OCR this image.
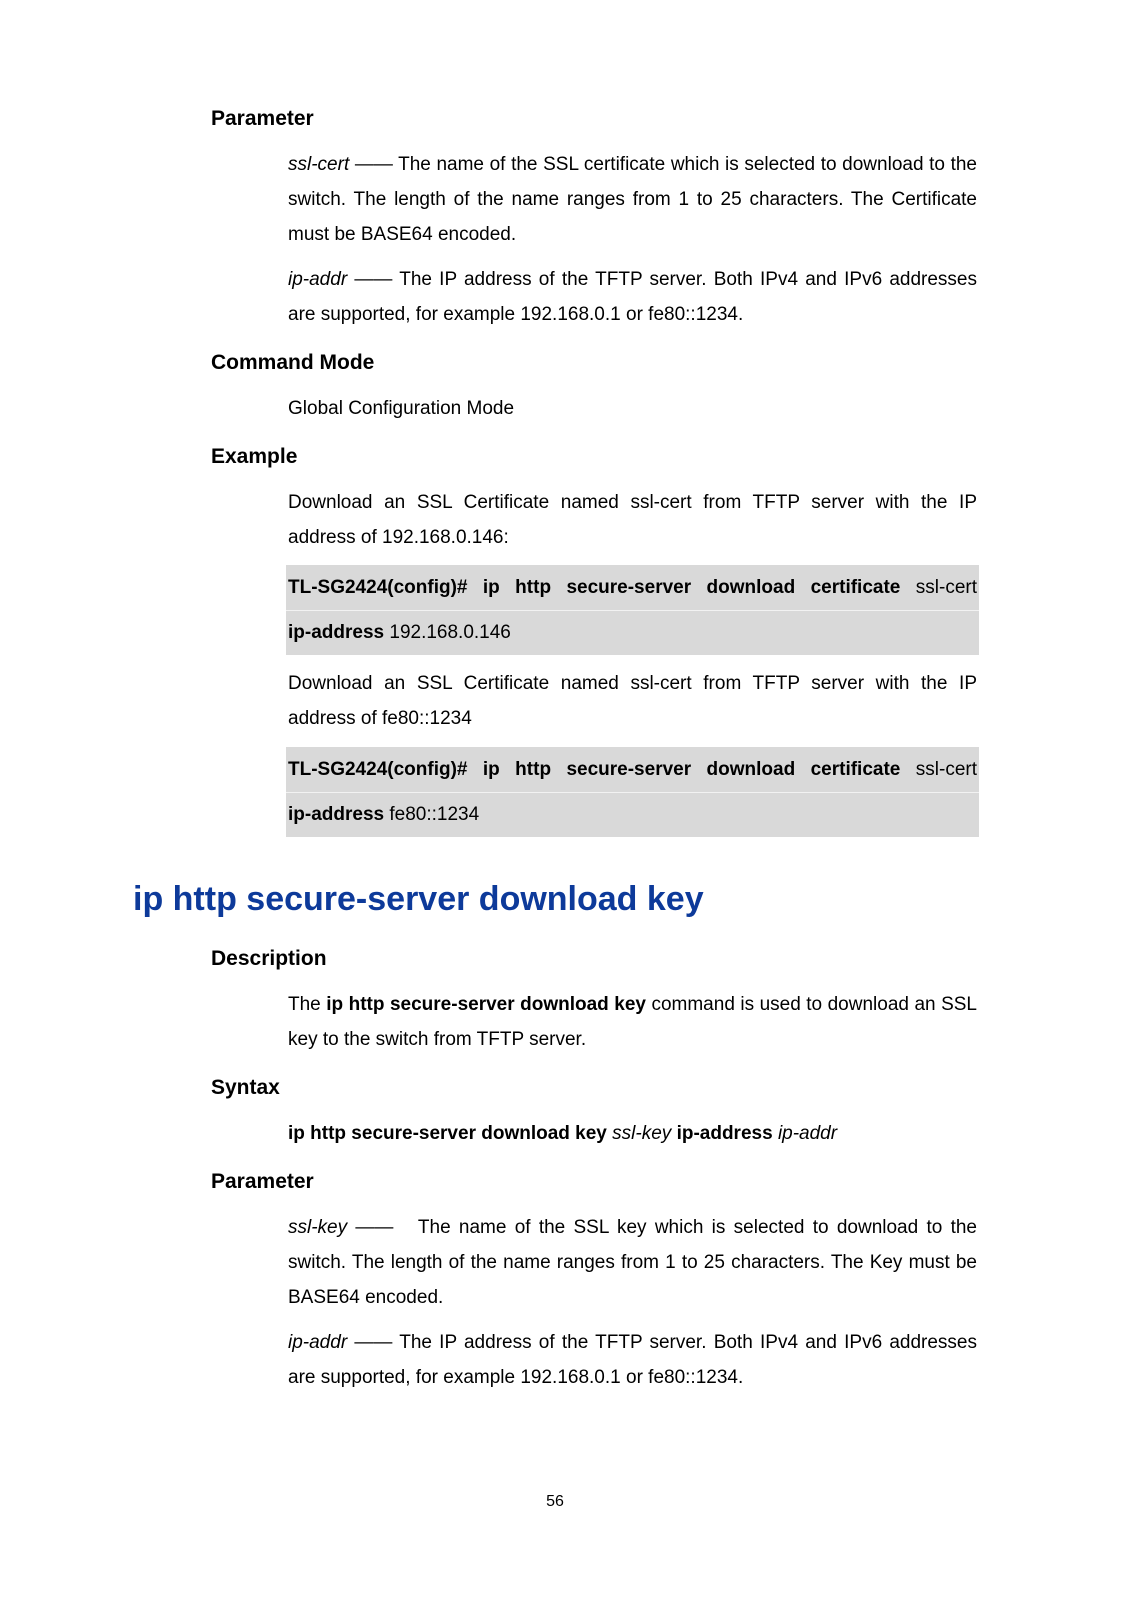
Parameter

ssl-cert —— The name of the SSL certificate which is selected to download to the switch. The length of the name ranges from 1 to 25 characters. The Certificate must be BASE64 encoded.

ip-addr —— The IP address of the TFTP server. Both IPv4 and IPv6 addresses are supported, for example 192.168.0.1 or fe80::1234.

Command Mode

Global Configuration Mode

Example

Download an SSL Certificate named ssl-cert from TFTP server with the IP address of 192.168.0.146:

TL-SG2424(config)# ip http secure-server download certificate ssl-cert

ip-address 192.168.0.146

Download an SSL Certificate named ssl-cert from TFTP server with the IP address of fe80::1234

TL-SG2424(config)# ip http secure-server download certificate ssl-cert

ip-address fe80::1234

ip http secure-server download key
Description

The ip http secure-server download key command is used to download an SSL key to the switch from TFTP server.

Syntax

ip http secure-server download key ssl-key ip-address ip-addr

Parameter

ssl-key ——   The name of the SSL key which is selected to download to the switch. The length of the name ranges from 1 to 25 characters. The Key must be BASE64 encoded.

ip-addr —— The IP address of the TFTP server. Both IPv4 and IPv6 addresses are supported, for example 192.168.0.1 or fe80::1234.

56
